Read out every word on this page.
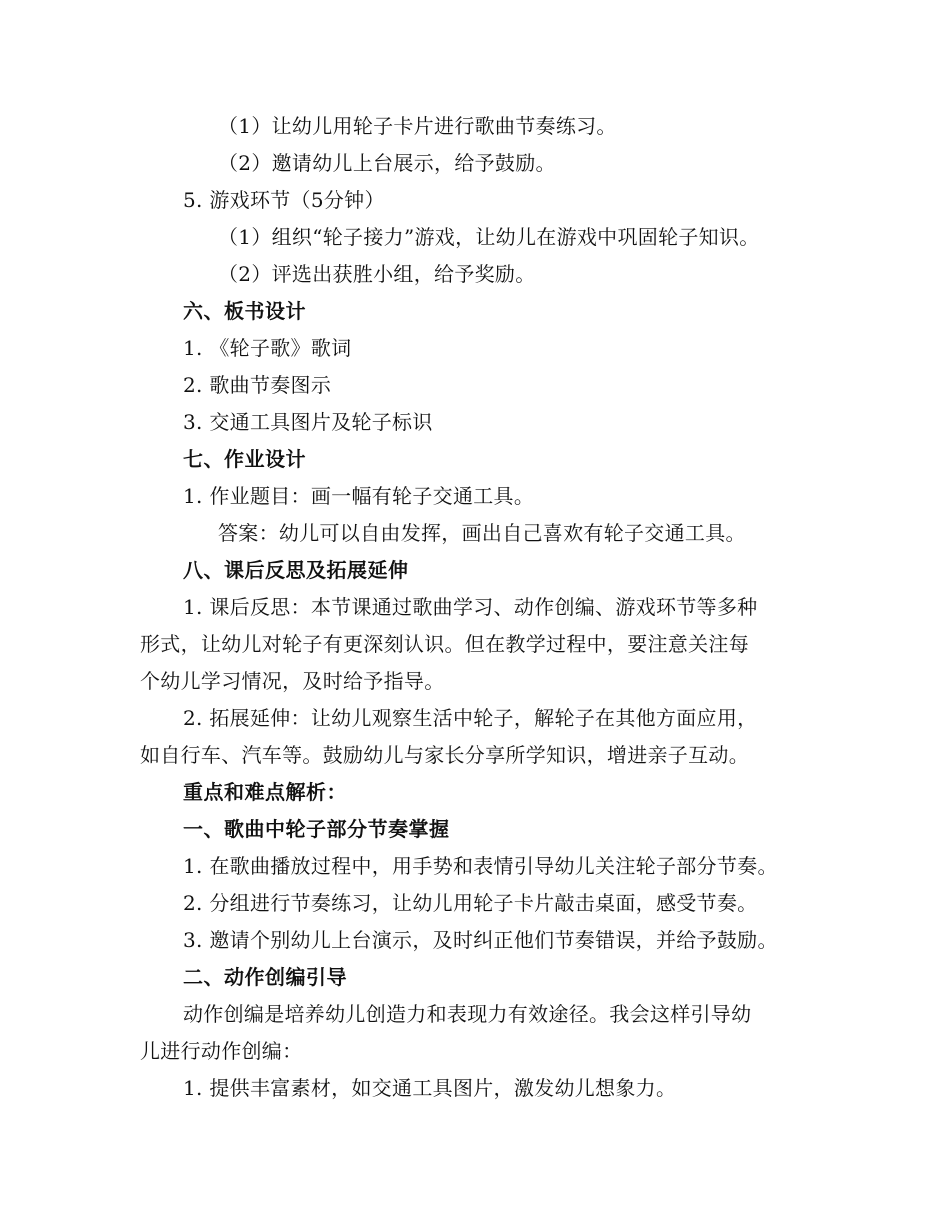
（1）让幼儿用轮子卡片进行歌曲节奏练习。
（2）邀请幼儿上台展示，给予鼓励。
5. 游戏环节（5分钟）
（1）组织“轮子接力”游戏，让幼儿在游戏中巩固轮子知识。
（2）评选出获胜小组，给予奖励。
六、板书设计
1. 《轮子歌》歌词
2. 歌曲节奏图示
3. 交通工具图片及轮子标识
七、作业设计
1. 作业题目：画一幅有轮子交通工具。
答案：幼儿可以自由发挥，画出自己喜欢有轮子交通工具。
八、课后反思及拓展延伸
1. 课后反思：本节课通过歌曲学习、动作创编、游戏环节等多种
形式，让幼儿对轮子有更深刻认识。但在教学过程中，要注意关注每
个幼儿学习情况，及时给予指导。
2. 拓展延伸：让幼儿观察生活中轮子，解轮子在其他方面应用，
如自行车、汽车等。鼓励幼儿与家长分享所学知识，增进亲子互动。
重点和难点解析：
一、歌曲中轮子部分节奏掌握
1. 在歌曲播放过程中，用手势和表情引导幼儿关注轮子部分节奏。
2. 分组进行节奏练习，让幼儿用轮子卡片敲击桌面，感受节奏。
3. 邀请个别幼儿上台演示，及时纠正他们节奏错误，并给予鼓励。
二、动作创编引导
动作创编是培养幼儿创造力和表现力有效途径。我会这样引导幼
儿进行动作创编：
1. 提供丰富素材，如交通工具图片，激发幼儿想象力。
